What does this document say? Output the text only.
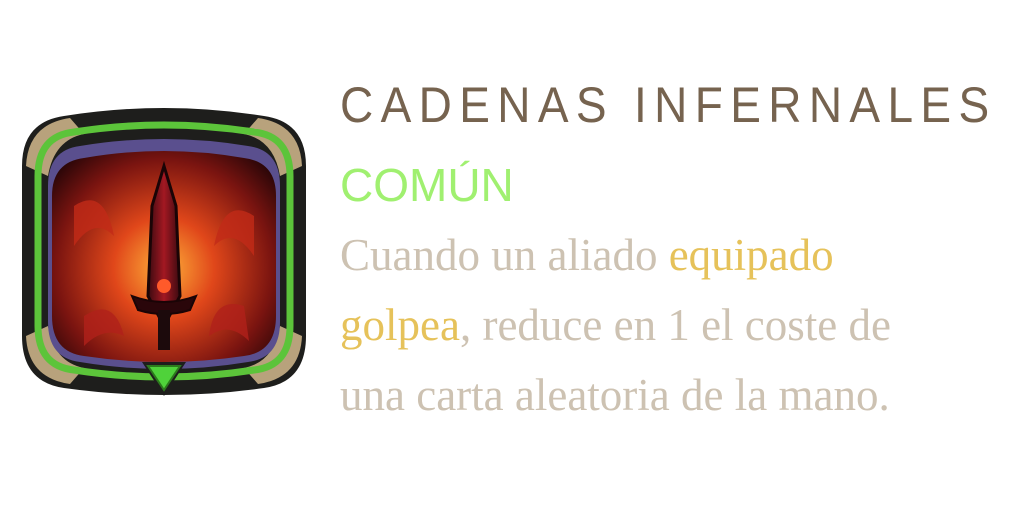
CADENAS INFERNALES
COMÚN
Cuando un aliado equipado
golpea, reduce en 1 el coste de
una carta aleatoria de la mano.
